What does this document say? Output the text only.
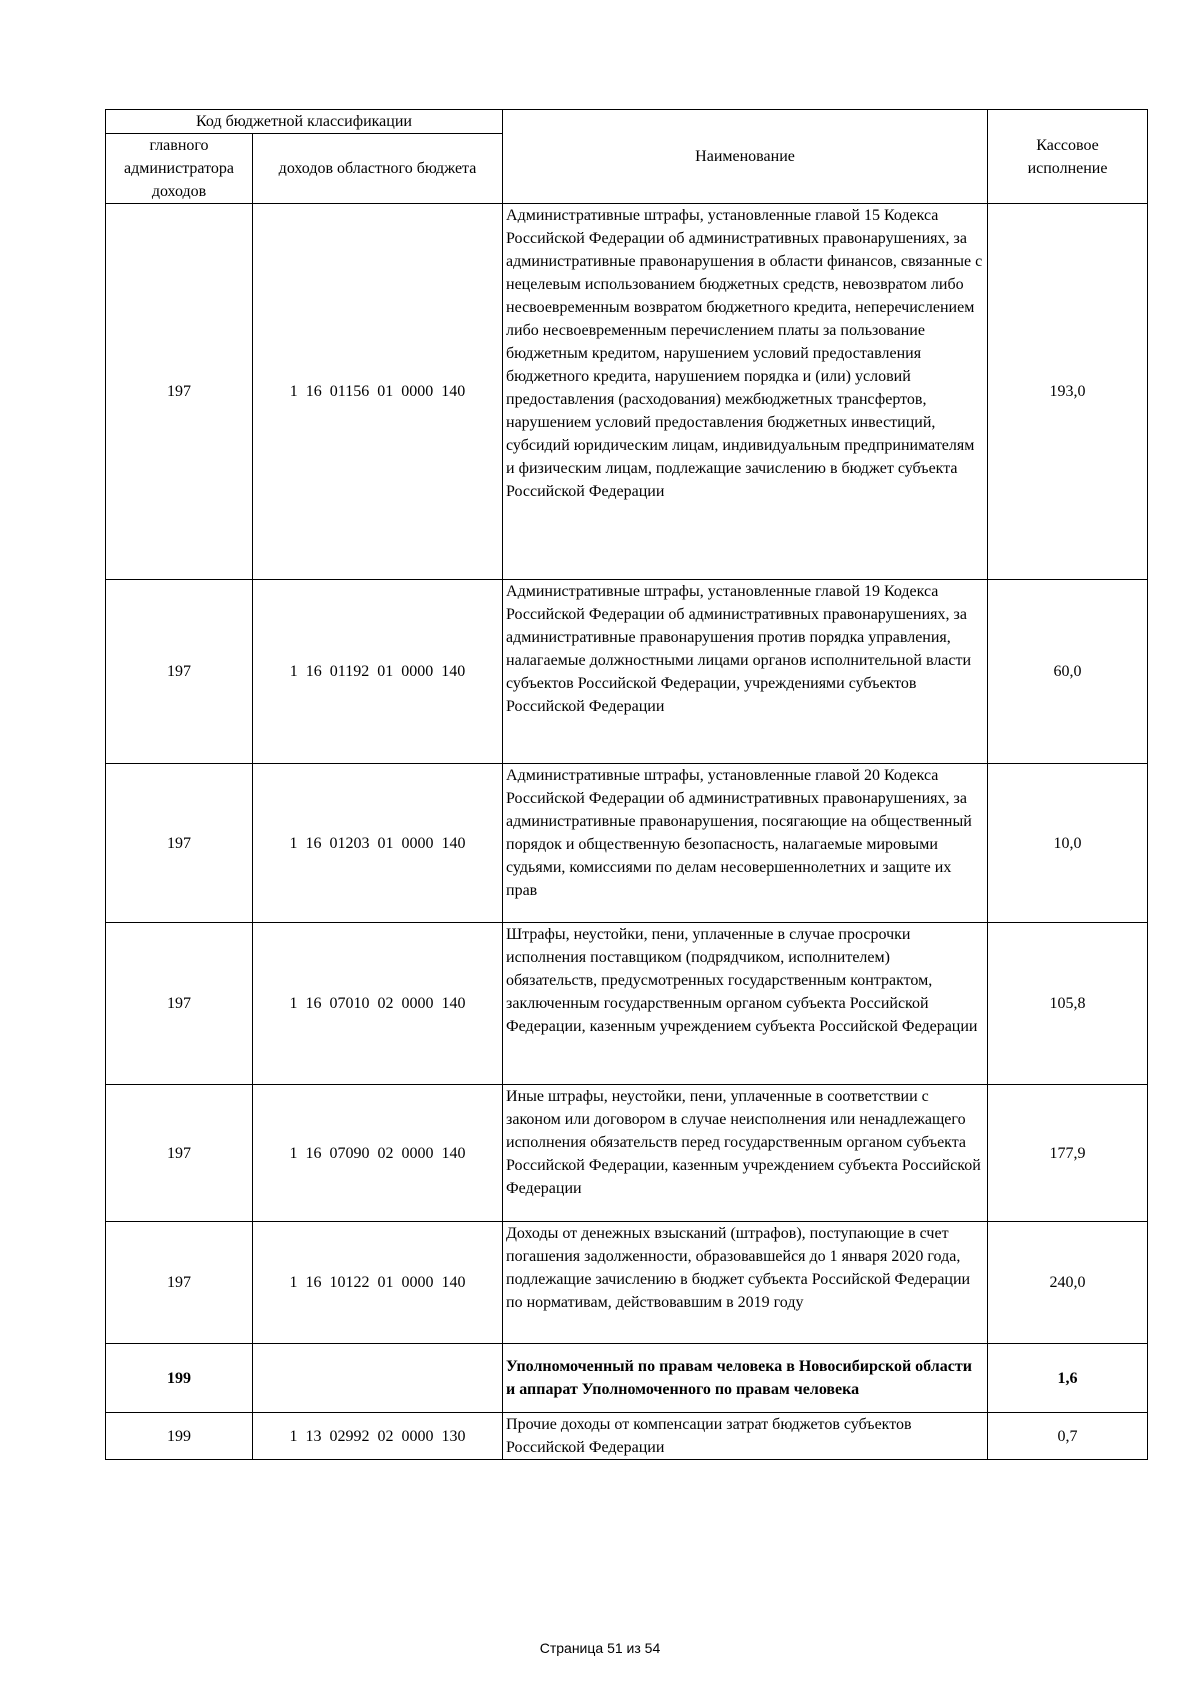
Код бюджетной классификации		Наименование	Кассовое исполнение
главного администратора доходов	доходов областного бюджета		
197	1 16 01156 01 0000 140	Административные штрафы, установленные главой 15 Кодекса Российской Федерации об административных правонарушениях, за административные правонарушения в области финансов, связанные с нецелевым использованием бюджетных средств, невозвратом либо несвоевременным возвратом бюджетного кредита, неперечислением либо несвоевременным перечислением платы за пользование бюджетным кредитом, нарушением условий предоставления бюджетного кредита, нарушением порядка и (или) условий предоставления (расходования) межбюджетных трансфертов, нарушением условий предоставления бюджетных инвестиций, субсидий юридическим лицам, индивидуальным предпринимателям и физическим лицам, подлежащие зачислению в бюджет субъекта Российской Федерации	193,0
197	1 16 01192 01 0000 140	Административные штрафы, установленные главой 19 Кодекса Российской Федерации об административных правонарушениях, за административные правонарушения против порядка управления, налагаемые должностными лицами органов исполнительной власти субъектов Российской Федерации, учреждениями субъектов Российской Федерации	60,0
197	1 16 01203 01 0000 140	Административные штрафы, установленные главой 20 Кодекса Российской Федерации об административных правонарушениях, за административные правонарушения, посягающие на общественный порядок и общественную безопасность, налагаемые мировыми судьями, комиссиями по делам несовершеннолетних и защите их прав	10,0
197	1 16 07010 02 0000 140	Штрафы, неустойки, пени, уплаченные в случае просрочки исполнения поставщиком (подрядчиком, исполнителем) обязательств, предусмотренных государственным контрактом, заключенным государственным органом субъекта Российской Федерации, казенным учреждением субъекта Российской Федерации	105,8
197	1 16 07090 02 0000 140	Иные штрафы, неустойки, пени, уплаченные в соответствии с законом или договором в случае неисполнения или ненадлежащего исполнения обязательств перед государственным органом субъекта Российской Федерации, казенным учреждением субъекта Российской Федерации	177,9
197	1 16 10122 01 0000 140	Доходы от денежных взысканий (штрафов), поступающие в счет погашения задолженности, образовавшейся до 1 января 2020 года, подлежащие зачислению в бюджет субъекта Российской Федерации по нормативам, действовавшим в 2019 году	240,0
199		Уполномоченный по правам человека в Новосибирской области и аппарат Уполномоченного по правам человека	1,6
199	1 13 02992 02 0000 130	Прочие доходы от компенсации затрат бюджетов субъектов Российской Федерации	0,7
Страница 51 из 54
